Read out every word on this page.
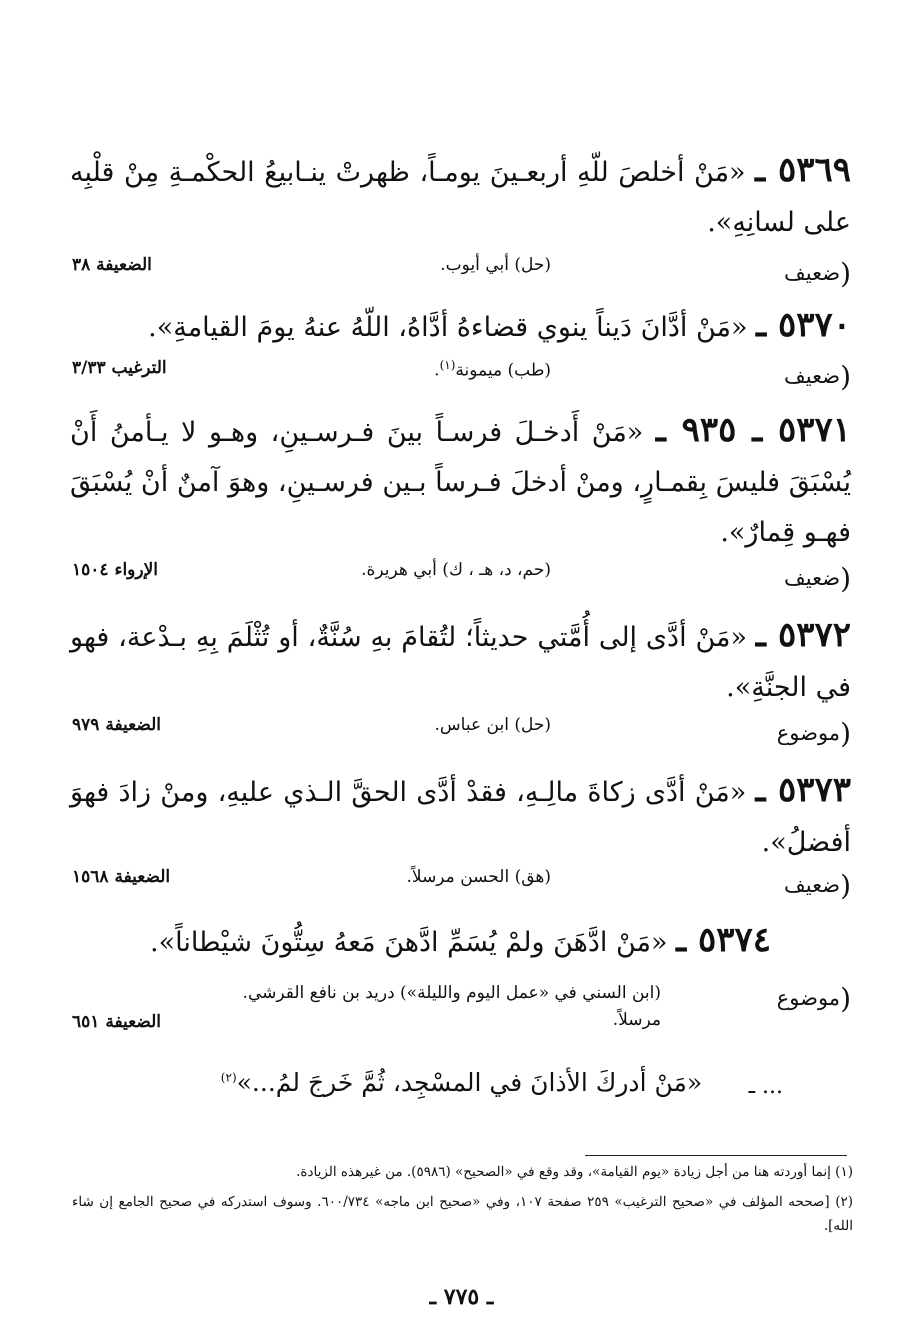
٥٣٦٩ ـ «مَنْ أخلصَ للّهِ أربعـينَ يومـاً، ظهرتْ ينـابيعُ الحكْمـةِ مِنْ قلْبِه على لسانِهِ».
(ضعيف
(حل) أبي أيوب.
الضعيفة ٣٨
٥٣٧٠ ـ «مَنْ أدَّانَ دَيناً ينوي قضاءهُ أدَّاهُ، اللّهُ عنهُ يومَ القيامةِ».
(ضعيف
(طب) ميمونة$^{(١)}$.
الترغيب ٣/٣٣
٥٣٧١ ـ ٩٣٥ ـ «مَنْ أَدخـلَ فرسـاً بينَ فـرسـينِ، وهـو لا يـأمنُ أَنْ يُسْبَقَ فليسَ بِقمـارٍ، ومنْ أدخلَ فـرساً بـين فرسـينِ، وهوَ آمنٌ أنْ يُسْبَقَ فهـو قِمارٌ».
(ضعيف
(حم، د، هـ ، ك) أبي هريرة.
الإرواء ١٥٠٤
٥٣٧٢ ـ «مَنْ أدَّى إلى أُمَّتي حديثاً؛ لتُقامَ بهِ سُنَّةٌ، أو تُثْلَمَ بِهِ بـدْعة، فهو في الجنَّةِ».
(موضوع
(حل) ابن عباس.
الضعيفة ٩٧٩
٥٣٧٣ ـ «مَنْ أدَّى زكاةَ مالِـهِ، فقدْ أدَّى الحقَّ الـذي عليهِ، ومنْ زادَ فهوَ أفضلُ».
(ضعيف
(هق) الحسن مرسلاً.
الضعيفة ١٥٦٨
٥٣٧٤ ـ «مَنْ ادَّهَنَ ولمْ يُسَمِّ ادَّهنَ مَعهُ سِتُّونَ شيْطاناً».
(موضوع
(ابن السني في «عمل اليوم والليلة») دريد بن نافع القرشي. مرسلاً.
الضعيفة ٦٥١
... ـ
«مَنْ أدركَ الأذانَ في المسْجِد، ثُمَّ خَرجَ لمُ...»$^{(٢)}$
(١) إنما أوردته هنا من أجل زيادة «يوم القيامة»، وقد وقع في «الصحيح» (٥٩٨٦). من غيرهذه الزيادة.
(٢) [صححه المؤلف في «صحيح الترغيب» ٢٥٩ صفحة ١٠٧، وفي «صحيح ابن ماجه» ٦٠٠/٧٣٤. وسوف استدركه في صحيح الجامع إن شاء الله].
ـ ٧٧٥ ـ
